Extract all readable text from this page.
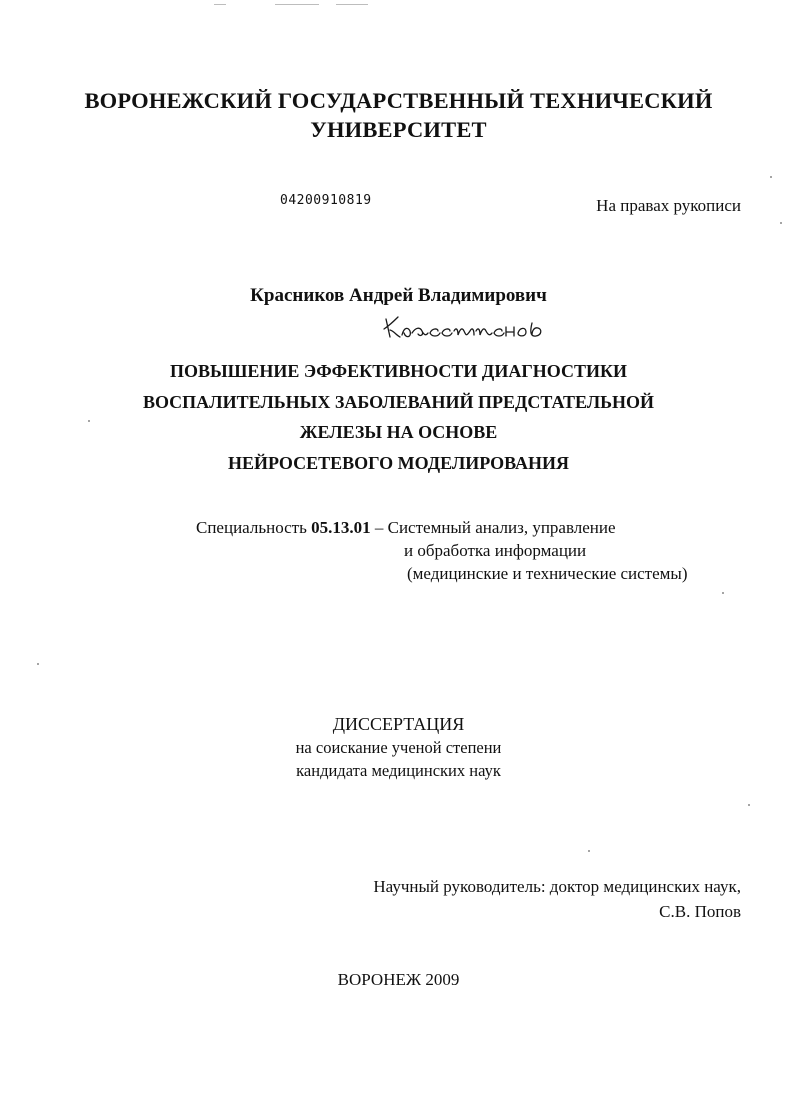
ВОРОНЕЖСКИЙ ГОСУДАРСТВЕННЫЙ ТЕХНИЧЕСКИЙ
УНИВЕРСИТЕТ
04200910819	На правах рукописи
Красников Андрей Владимирович
ПОВЫШЕНИЕ ЭФФЕКТИВНОСТИ ДИАГНОСТИКИ
ВОСПАЛИТЕЛЬНЫХ ЗАБОЛЕВАНИЙ ПРЕДСТАТЕЛЬНОЙ
ЖЕЛЕЗЫ НА ОСНОВЕ
НЕЙРОСЕТЕВОГО МОДЕЛИРОВАНИЯ
Специальность 05.13.01 – Системный анализ, управление
и обработка информации
(медицинские и технические системы)
ДИССЕРТАЦИЯ
на соискание ученой степени
кандидата медицинских наук
Научный руководитель: доктор медицинских наук,
С.В. Попов
ВОРОНЕЖ 2009
